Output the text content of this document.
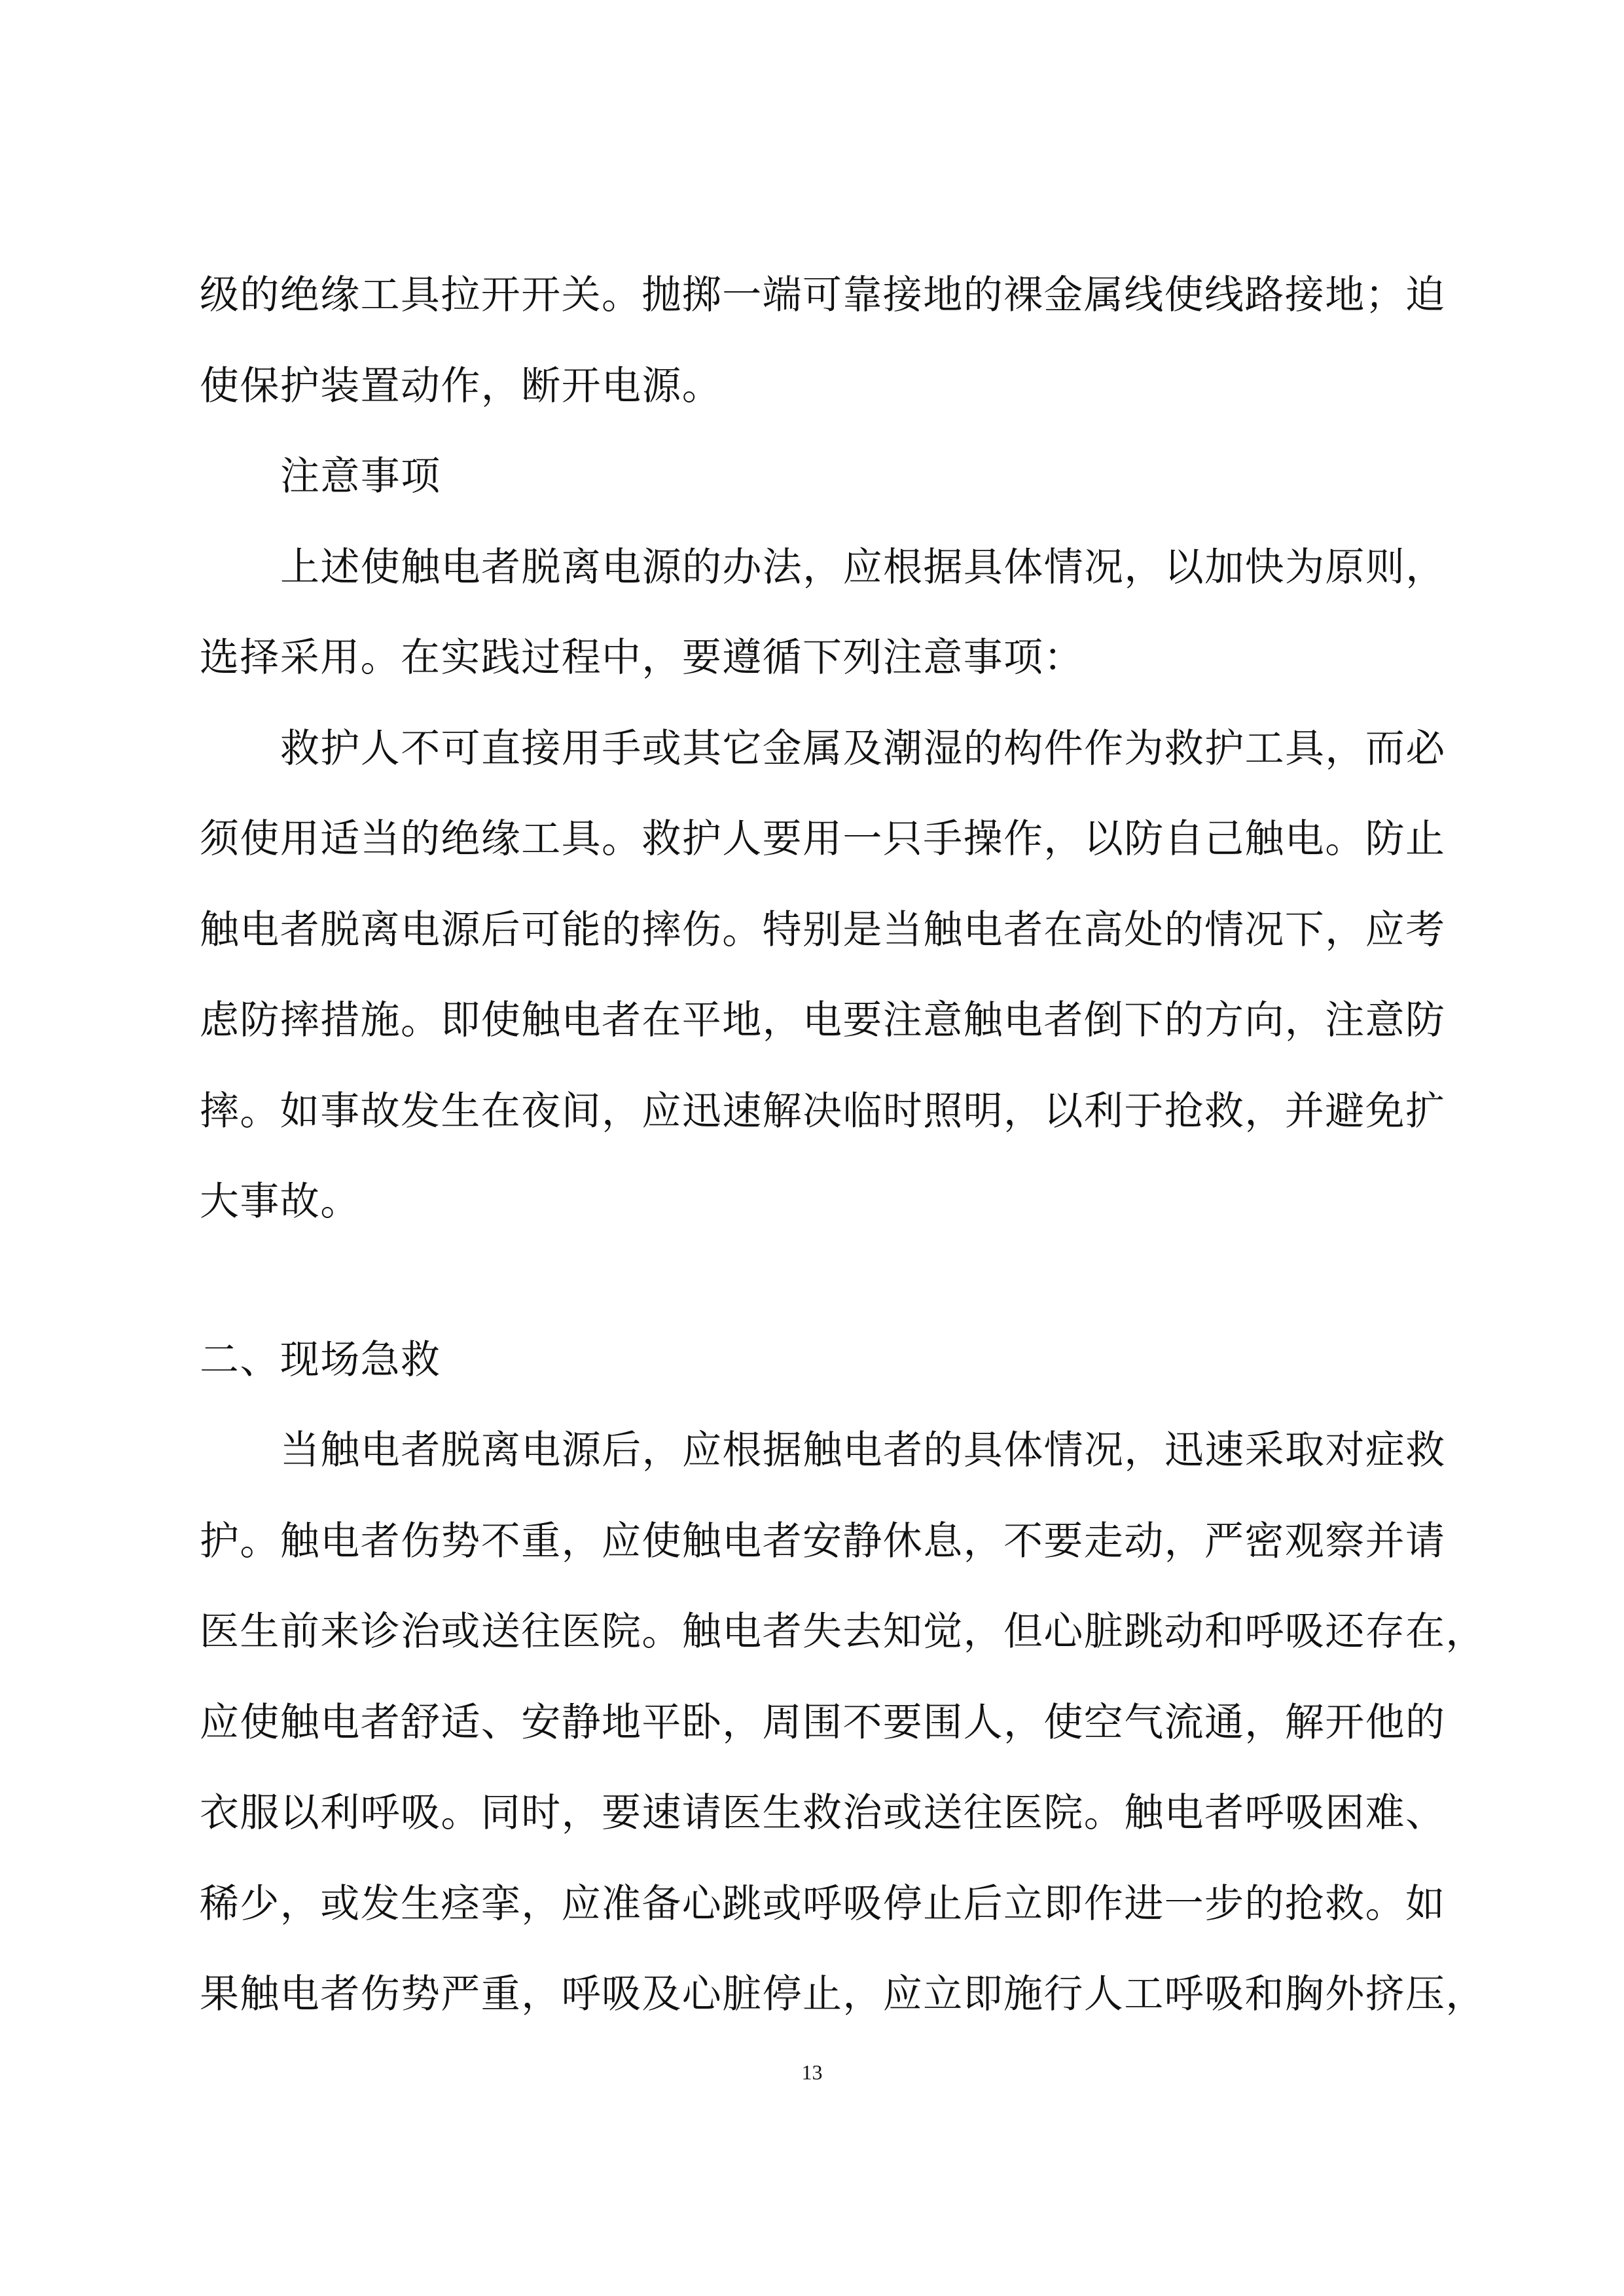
级的绝缘工具拉开开关。抛掷一端可靠接地的裸金属线使线路接地；迫
使保护装置动作，断开电源。
注意事项
上述使触电者脱离电源的办法，应根据具体情况，以加快为原则，
选择采用。在实践过程中，要遵循下列注意事项：
救护人不可直接用手或其它金属及潮湿的构件作为救护工具，而必
须使用适当的绝缘工具。救护人要用一只手操作，以防自己触电。防止
触电者脱离电源后可能的摔伤。特别是当触电者在高处的情况下，应考
虑防摔措施。即使触电者在平地，电要注意触电者倒下的方向，注意防
摔。如事故发生在夜间，应迅速解决临时照明，以利于抢救，并避免扩
大事故。
二、现场急救
当触电者脱离电源后，应根据触电者的具体情况，迅速采取对症救
护。触电者伤势不重，应使触电者安静休息，不要走动，严密观察并请
医生前来诊治或送往医院。触电者失去知觉，但心脏跳动和呼吸还存在，
应使触电者舒适、安静地平卧，周围不要围人，使空气流通，解开他的
衣服以利呼吸。同时，要速请医生救治或送往医院。触电者呼吸困难、
稀少，或发生痉挛，应准备心跳或呼吸停止后立即作进一步的抢救。如
果触电者伤势严重，呼吸及心脏停止，应立即施行人工呼吸和胸外挤压，
13
